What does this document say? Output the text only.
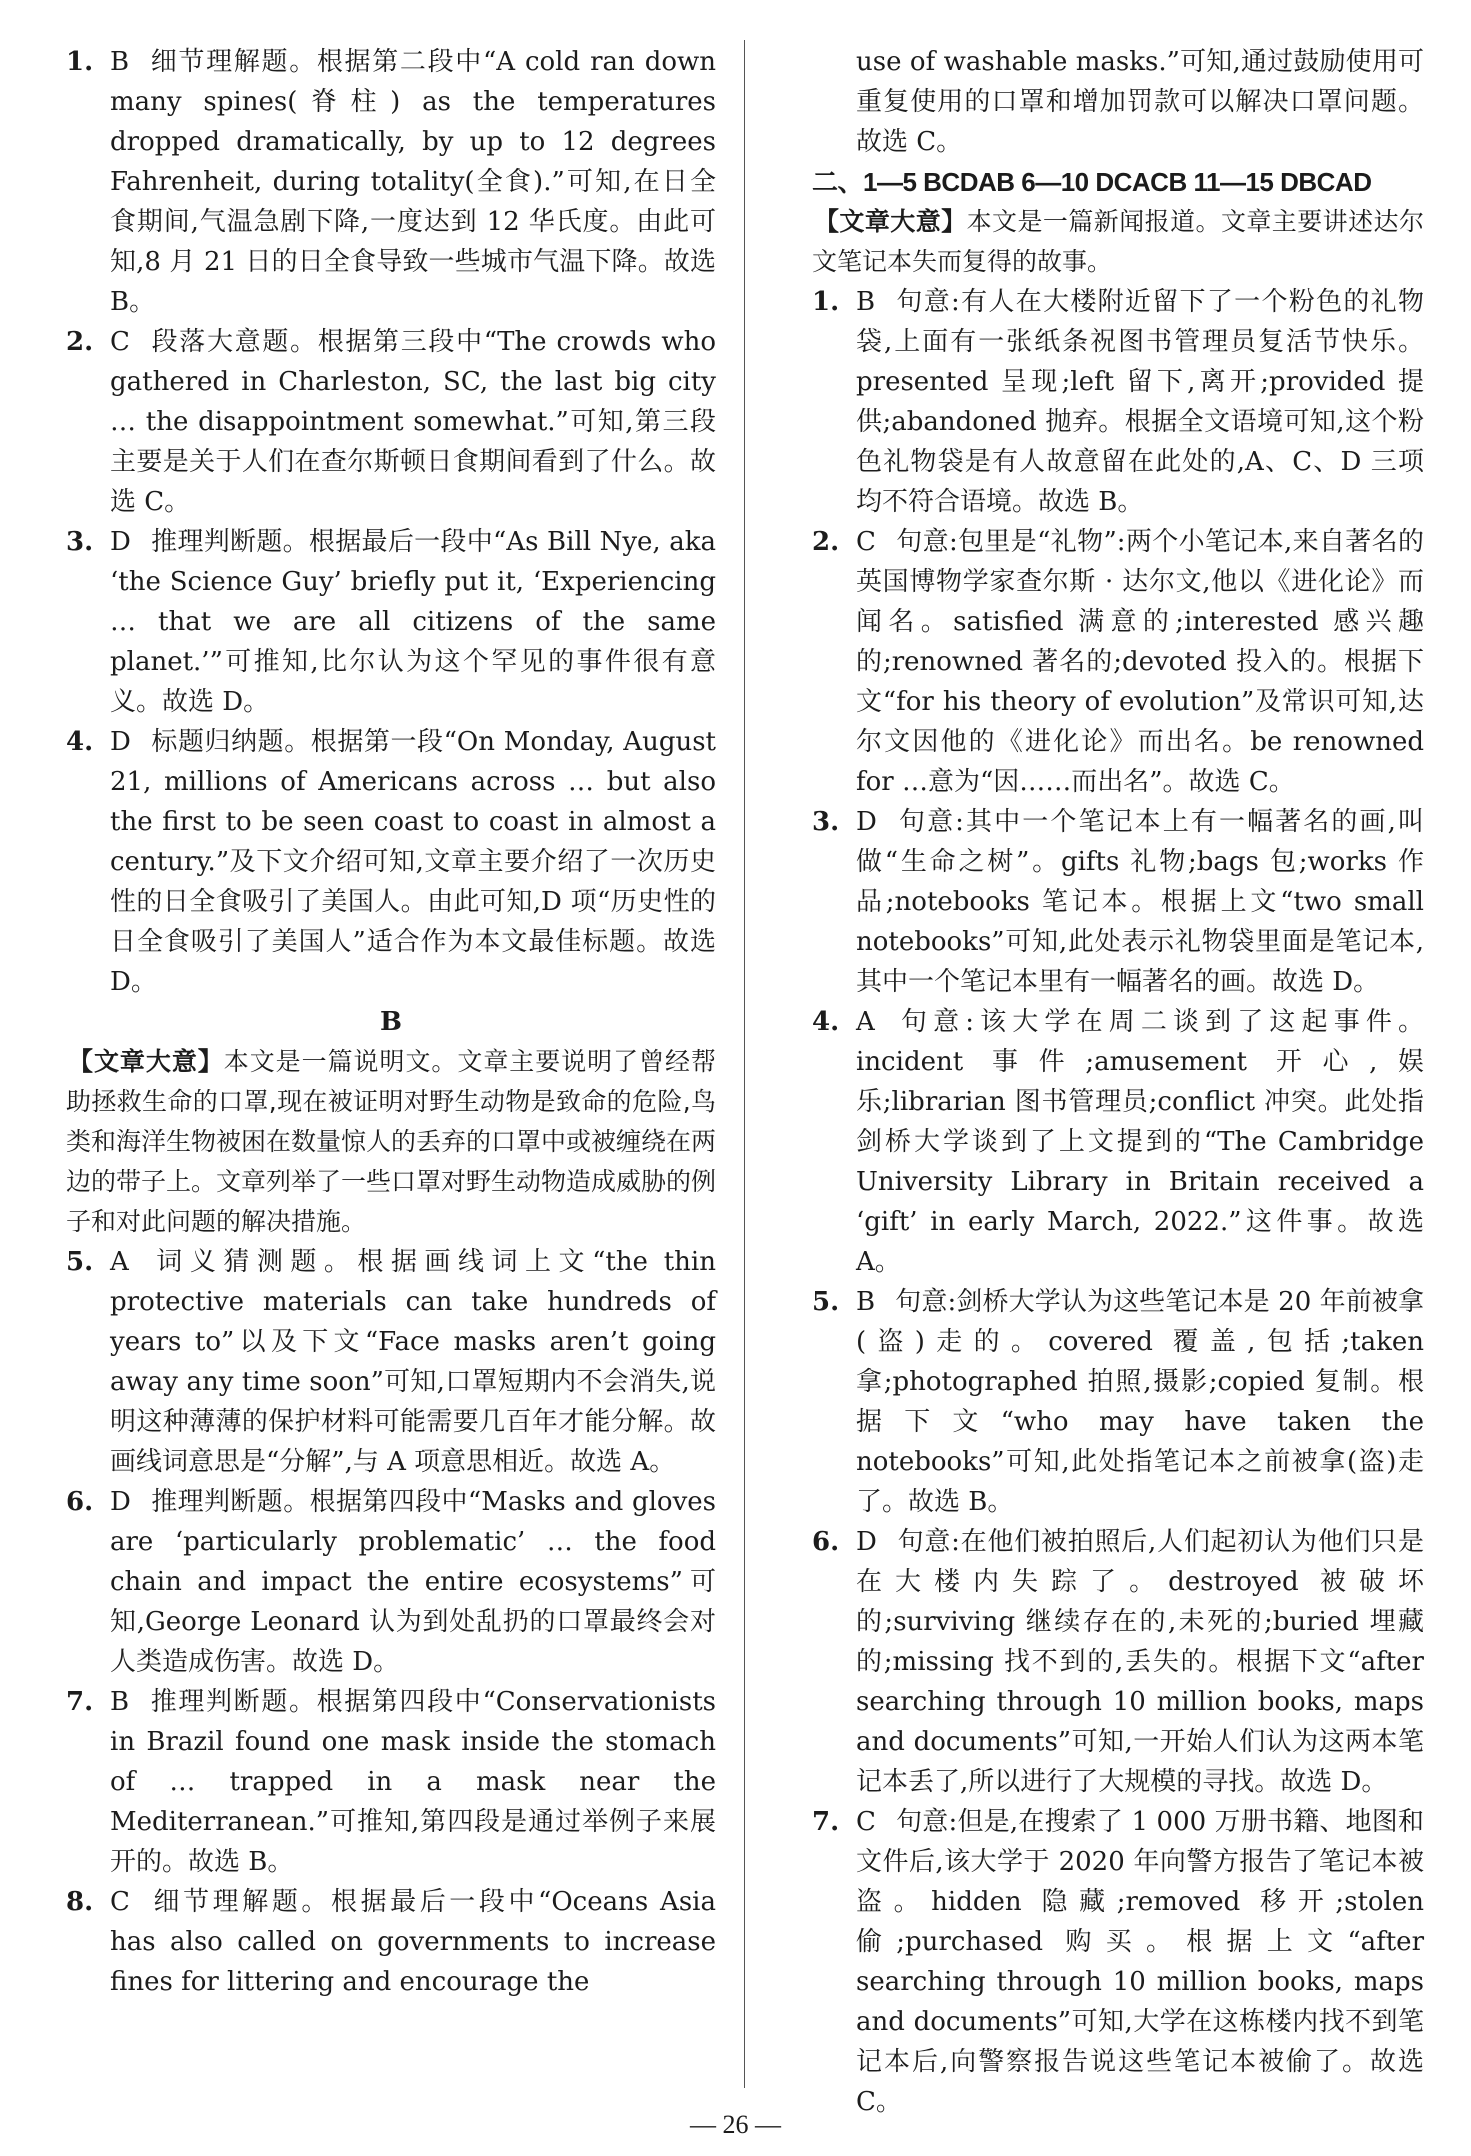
1. B 细节理解题。根据第二段中“A cold ran down many spines(脊柱) as the temperatures dropped dramatically, by up to 12 degrees Fahrenheit, during totality(全食).”可知,在日全食期间,气温急剧下降,一度达到 12 华氏度。由此可知,8 月 21 日的日全食导致一些城市气温下降。故选 B。
2. C 段落大意题。根据第三段中“The crowds who gathered in Charleston, SC, the last big city … the disappointment somewhat.”可知,第三段主要是关于人们在查尔斯顿日食期间看到了什么。故选 C。
3. D 推理判断题。根据最后一段中“As Bill Nye, aka ‘the Science Guy’ briefly put it, ‘Experiencing … that we are all citizens of the same planet.’”可推知,比尔认为这个罕见的事件很有意义。故选 D。
4. D 标题归纳题。根据第一段“On Monday, August 21, millions of Americans across … but also the first to be seen coast to coast in almost a century.”及下文介绍可知,文章主要介绍了一次历史性的日全食吸引了美国人。由此可知,D 项“历史性的日全食吸引了美国人”适合作为本文最佳标题。故选 D。
B
【文章大意】本文是一篇说明文。文章主要说明了曾经帮助拯救生命的口罩,现在被证明对野生动物是致命的危险,鸟类和海洋生物被困在数量惊人的丢弃的口罩中或被缠绕在两边的带子上。文章列举了一些口罩对野生动物造成威胁的例子和对此问题的解决措施。
5. A 词义猜测题。根据画线词上文“the thin protective materials can take hundreds of years to”以及下文“Face masks aren’t going away any time soon”可知,口罩短期内不会消失,说明这种薄薄的保护材料可能需要几百年才能分解。故画线词意思是“分解”,与 A 项意思相近。故选 A。
6. D 推理判断题。根据第四段中“Masks and gloves are ‘particularly problematic’ … the food chain and impact the entire ecosystems”可知,George Leonard 认为到处乱扔的口罩最终会对人类造成伤害。故选 D。
7. B 推理判断题。根据第四段中“Conservationists in Brazil found one mask inside the stomach of … trapped in a mask near the Mediterranean.”可推知,第四段是通过举例子来展开的。故选 B。
8. C 细节理解题。根据最后一段中“Oceans Asia has also called on governments to increase fines for littering and encourage the
use of washable masks.”可知,通过鼓励使用可重复使用的口罩和增加罚款可以解决口罩问题。故选 C。
二、1—5 BCDAB 6—10 DCACB 11—15 DBCAD
【文章大意】本文是一篇新闻报道。文章主要讲述达尔文笔记本失而复得的故事。
1. B 句意:有人在大楼附近留下了一个粉色的礼物袋,上面有一张纸条祝图书管理员复活节快乐。presented 呈现;left 留下,离开;provided 提供;abandoned 抛弃。根据全文语境可知,这个粉色礼物袋是有人故意留在此处的,A、C、D 三项均不符合语境。故选 B。
2. C 句意:包里是“礼物”:两个小笔记本,来自著名的英国博物学家查尔斯 · 达尔文,他以《进化论》而闻名。satisfied 满意的;interested 感兴趣的;renowned 著名的;devoted 投入的。根据下文“for his theory of evolution”及常识可知,达尔文因他的《进化论》而出名。be renowned for …意为“因……而出名”。故选 C。
3. D 句意:其中一个笔记本上有一幅著名的画,叫做“生命之树”。gifts 礼物;bags 包;works 作品;notebooks 笔记本。根据上文“two small notebooks”可知,此处表示礼物袋里面是笔记本,其中一个笔记本里有一幅著名的画。故选 D。
4. A 句意:该大学在周二谈到了这起事件。incident 事件;amusement 开心,娱乐;librarian 图书管理员;conflict 冲突。此处指剑桥大学谈到了上文提到的“The Cambridge University Library in Britain received a ‘gift’ in early March, 2022.”这件事。故选 A。
5. B 句意:剑桥大学认为这些笔记本是 20 年前被拿(盗)走的。covered 覆盖,包括;taken 拿;photographed 拍照,摄影;copied 复制。根据下文“who may have taken the notebooks”可知,此处指笔记本之前被拿(盗)走了。故选 B。
6. D 句意:在他们被拍照后,人们起初认为他们只是在大楼内失踪了。destroyed 被破坏的;surviving 继续存在的,未死的;buried 埋藏的;missing 找不到的,丢失的。根据下文“after searching through 10 million books, maps and documents”可知,一开始人们认为这两本笔记本丢了,所以进行了大规模的寻找。故选 D。
7. C 句意:但是,在搜索了 1 000 万册书籍、地图和文件后,该大学于 2020 年向警方报告了笔记本被盗。hidden 隐藏;removed 移开;stolen 偷;purchased 购买。根据上文“after searching through 10 million books, maps and documents”可知,大学在这栋楼内找不到笔记本后,向警察报告说这些笔记本被偷了。故选 C。
— 26 —
